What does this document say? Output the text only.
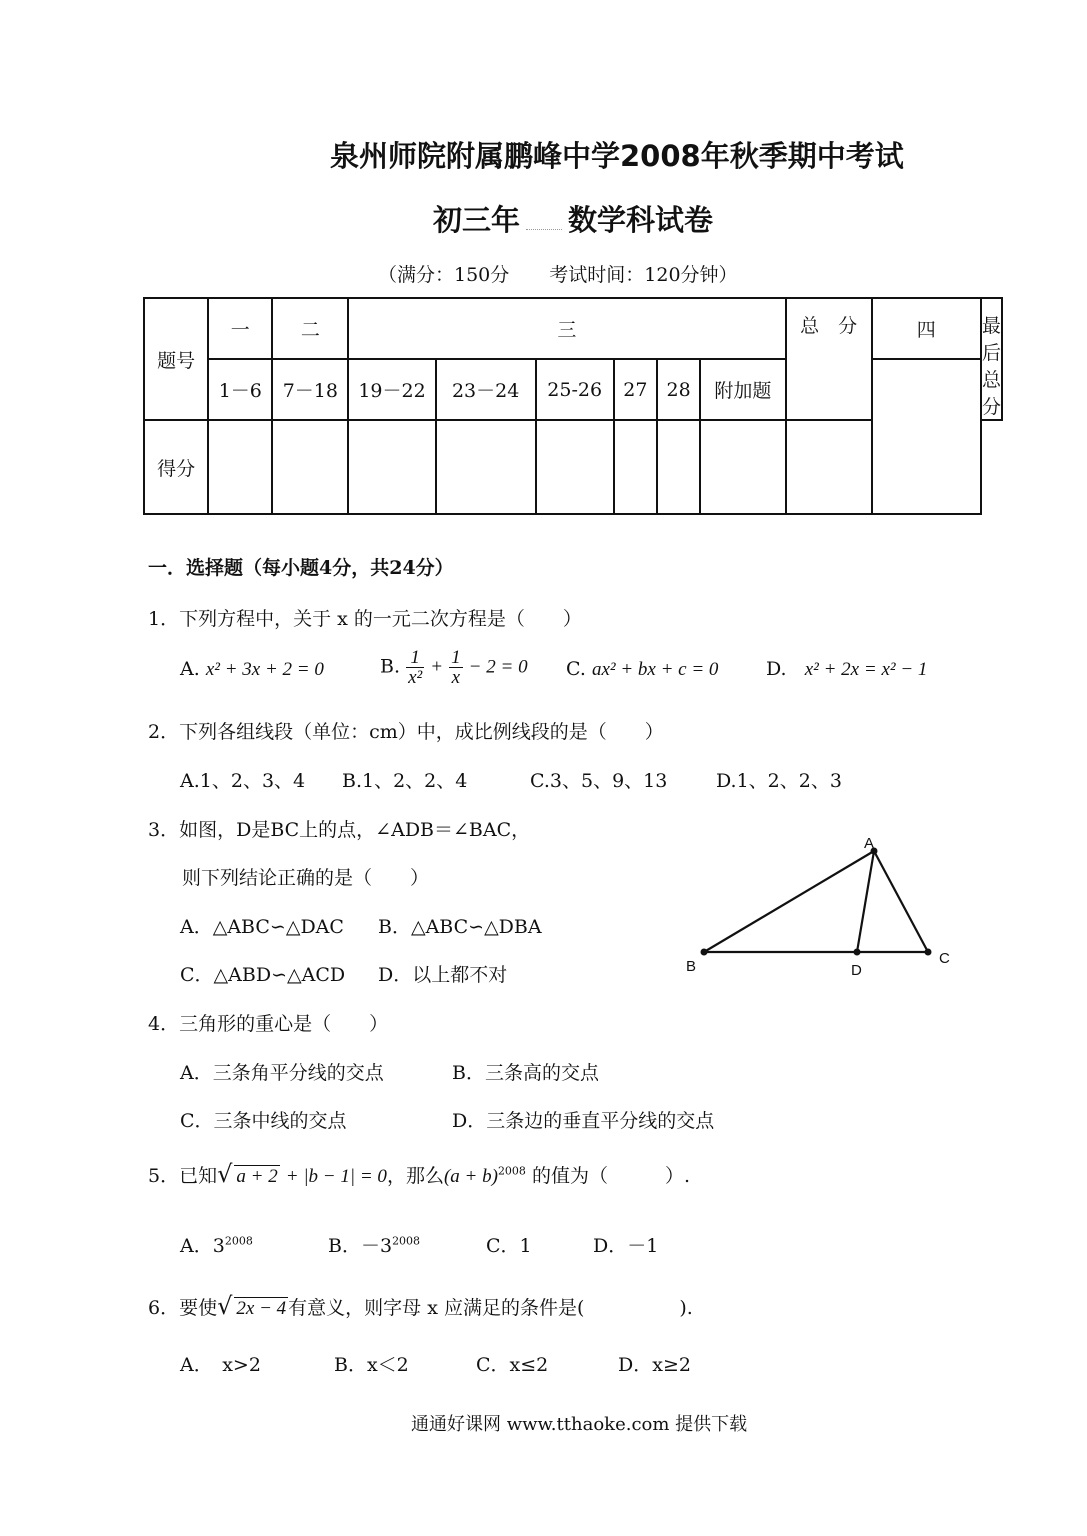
泉州师院附属鹏峰中学2008年秋季期中考试
初三年 数学科试卷
（满分：150分 考试时间：120分钟）
题号	一	二	三						总　分	四	最后总分
	1－6	7－18	19－22	23－24	25-26	27	28	附加题			
得分											
一．选择题（每小题4分，共24分）
1．下列方程中，关于 x 的一元二次方程是（　　）
A. x² + 3x + 2 = 0	B. $\frac{1}{\text{x²}} + \frac{1}{x} - 2 = 0$ C. ax² + bx + c = 0	D. x² + 2x = x² − 1
2．下列各组线段（单位：cm）中，成比例线段的是（　　）
A.1、2、3、4 B.1、2、2、4	C.3、5、9、13	D.1、2、2、3
3．如图，D是BC上的点，∠ADB＝∠BAC，
则下列结论正确的是（　　）
A．△ABC∽△DAC B．△ABC∽△DBA
C．△ABD∽△ACD D．以上都不对
A
B	D
C
4．三角形的重心是（　　）
A．三条角平分线的交点	B．三条高的交点
C．三条中线的交点	D．三条边的垂直平分线的交点
5．已知√ a + 2 + |b − 1| = 0，那么$(a + b)^{2008}$ 的值为（　　　）.
A．$3^{2008}$	B．$-3^{2008}$	C．1	D．－1
6．要使√ 2x − 4 有意义，则字母 x 应满足的条件是(　　　　　).
A．　x>2	B．x＜2	C．x≤2	D．x≥2
通通好课网 www.tthaoke.com 提供下载
